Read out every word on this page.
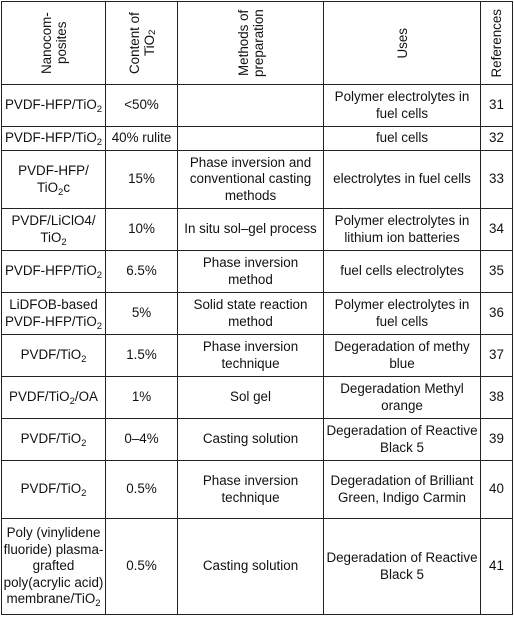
Nanocom-posites	Content of TiO$_2$	Methods of preparation	Uses	References

PVDF-HFP/TiO$_2$	<50%		Polymer electrolytes in fuel cells	31
PVDF-HFP/TiO$_2$	40% rulite		fuel cells	32
PVDF-HFP/ TiO$_2$c	15%	Phase inversion and conventional casting methods	electrolytes in fuel cells	33
PVDF/LiClO4/ TiO$_2$	10%	In situ sol–gel process	Polymer electrolytes in lithium ion batteries	34
PVDF-HFP/TiO$_2$	6.5%	Phase inversion method	fuel cells electrolytes	35
LiDFOB-based PVDF-HFP/TiO$_2$	5%	Solid state reaction method	Polymer electrolytes in fuel cells	36
PVDF/TiO$_2$	1.5%	Phase inversion technique	Degeradation of methy blue	37
PVDF/TiO$_2$/OA	1%	Sol gel	Degeradation Methyl orange	38
PVDF/TiO$_2$	0–4%	Casting solution	Degeradation of Reactive Black 5	39
PVDF/TiO$_2$	0.5%	Phase inversion technique	Degeradation of Brilliant Green, Indigo Carmin	40
Poly (vinylidene fluoride) plasma- grafted poly(acrylic acid) membrane/TiO$_2$	0.5%	Casting solution	Degeradation of Reactive Black 5	41
